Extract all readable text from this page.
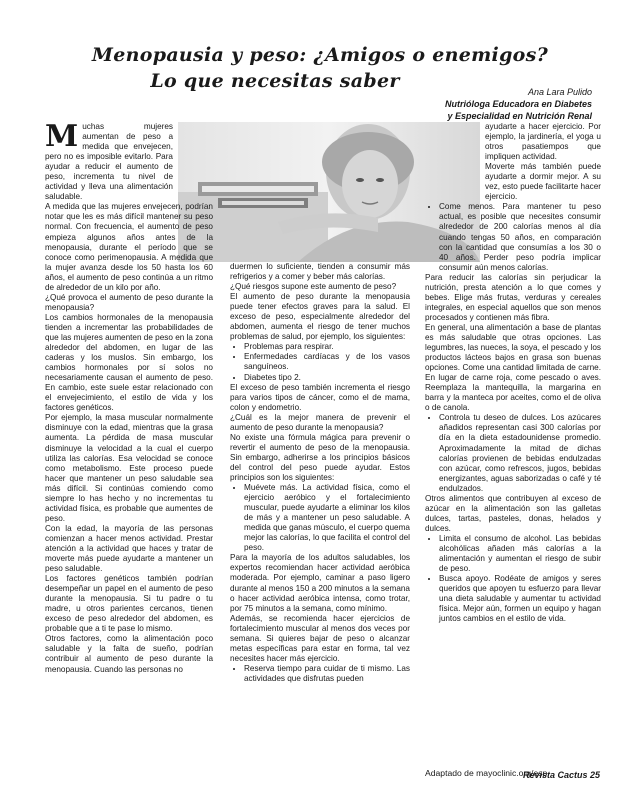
Menopausia y peso: ¿Amigos o enemigos?
Lo que necesitas saber	Ana Lara Pulido
Nutrióloga Educadora en Diabetes
y Especialidad en Nutrición Renal
M uchas mujeres aumentan de peso a medida que envejecen, pero no es imposible evitarlo. Para ayudar a reducir el aumento de peso, incrementa tu nivel de actividad y lleva una alimentación saludable.

A medida que las mujeres envejecen, podrían notar que les es más difícil mantener su peso normal. Con frecuencia, el aumento de peso empieza algunos años antes de la menopausia, durante el período que se conoce como perimenopausia. A medida que la mujer avanza desde los 50 hasta los 60 años, el aumento de peso continúa a un ritmo de alrededor de un kilo por año.

¿Qué provoca el aumento de peso durante la menopausia?

Los cambios hormonales de la menopausia tienden a incrementar las probabilidades de que las mujeres aumenten de peso en la zona alrededor del abdomen, en lugar de las caderas y los muslos. Sin embargo, los cambios hormonales por sí solos no necesariamente causan el aumento de peso. En cambio, este suele estar relacionado con el envejecimiento, el estilo de vida y los factores genéticos.

Por ejemplo, la masa muscular normalmente disminuye con la edad, mientras que la grasa aumenta. La pérdida de masa muscular disminuye la velocidad a la cual el cuerpo utiliza las calorías. Esa velocidad se conoce como metabolismo. Este proceso puede hacer que mantener un peso saludable sea más difícil. Si continúas comiendo como siempre lo has hecho y no incrementas tu actividad física, es probable que aumentes de peso.

Con la edad, la mayoría de las personas comienzan a hacer menos actividad. Prestar atención a la actividad que haces y tratar de moverte más puede ayudarte a mantener un peso saludable.

Los factores genéticos también podrían desempeñar un papel en el aumento de peso durante la menopausia. Si tu padre o tu madre, u otros parientes cercanos, tienen exceso de peso alrededor del abdomen, es probable que a ti te pase lo mismo.

Otros factores, como la alimentación poco saludable y la falta de sueño, podrían contribuir al aumento de peso durante la menopausia. Cuando las personas no

duermen lo suficiente, tienden a consumir más refrigerios y a comer y beber más calorías.

¿Qué riesgos supone este aumento de peso?

El aumento de peso durante la menopausia puede tener efectos graves para la salud. El exceso de peso, especialmente alrededor del abdomen, aumenta el riesgo de tener muchos problemas de salud, por ejemplo, los siguientes:

• Problemas para respirar.
• Enfermedades cardíacas y de los vasos sanguíneos.
• Diabetes tipo 2.

El exceso de peso también incrementa el riesgo para varios tipos de cáncer, como el de mama, colon y endometrio.

¿Cuál es la mejor manera de prevenir el aumento de peso durante la menopausia?

No existe una fórmula mágica para prevenir o revertir el aumento de peso de la menopausia. Sin embargo, adherirse a los principios básicos del control del peso puede ayudar. Estos principios son los siguientes:

• Muévete más. La actividad física, como el ejercicio aeróbico y el fortalecimiento muscular, puede ayudarte a eliminar los kilos de más y a mantener un peso saludable. A medida que ganas músculo, el cuerpo quema mejor las calorías, lo que facilita el control del peso.

Para la mayoría de los adultos saludables, los expertos recomiendan hacer actividad aeróbica moderada. Por ejemplo, caminar a paso ligero durante al menos 150 a 200 minutos a la semana o hacer actividad aeróbica intensa, como trotar, por 75 minutos a la semana, como mínimo.

Además, se recomienda hacer ejercicios de fortalecimiento muscular al menos dos veces por semana. Si quieres bajar de peso o alcanzar metas específicas para estar en forma, tal vez necesites hacer más ejercicio.

• Reserva tiempo para cuidar de ti mismo. Las actividades que disfrutas pueden

ayudarte a hacer ejercicio. Por ejemplo, la jardinería, el yoga u otros pasatiempos que impliquen actividad.

Moverte más también puede ayudarte a dormir mejor. A su vez, esto puede facilitarte hacer ejercicio.

• Come menos. Para mantener tu peso actual, es posible que necesites consumir alrededor de 200 calorías menos al día cuando tengas 50 años, en comparación con la cantidad que consumías a los 30 o 40 años. Perder peso podría implicar consumir aún menos calorías.

Para reducir las calorías sin perjudicar la nutrición, presta atención a lo que comes y bebes. Elige más frutas, verduras y cereales integrales, en especial aquellos que son menos procesados y contienen más fibra.

En general, una alimentación a base de plantas es más saludable que otras opciones. Las legumbres, las nueces, la soya, el pescado y los productos lácteos bajos en grasa son buenas opciones. Come una cantidad limitada de carne. En lugar de carne roja, come pescado o aves. Reemplaza la mantequilla, la margarina en barra y la manteca por aceites, como el de oliva o de canola.

• Controla tu deseo de dulces. Los azúcares añadidos representan casi 300 calorías por día en la dieta estadounidense promedio. Aproximadamente la mitad de dichas calorías provienen de bebidas endulzadas con azúcar, como refrescos, jugos, bebidas energizantes, aguas saborizadas o café y té endulzados.

Otros alimentos que contribuyen al exceso de azúcar en la alimentación son las galletas dulces, tartas, pasteles, donas, helados y dulces.

• Limita el consumo de alcohol. Las bebidas alcohólicas añaden más calorías a la alimentación y aumentan el riesgo de subir de peso.
• Busca apoyo. Rodéate de amigos y seres queridos que apoyen tu esfuerzo para llevar una dieta saludable y aumentar tu actividad física. Mejor aún, formen un equipo y hagan juntos cambios en el estilo de vida.
Adaptado de mayoclinic.org/esp
Revista Cactus 25
